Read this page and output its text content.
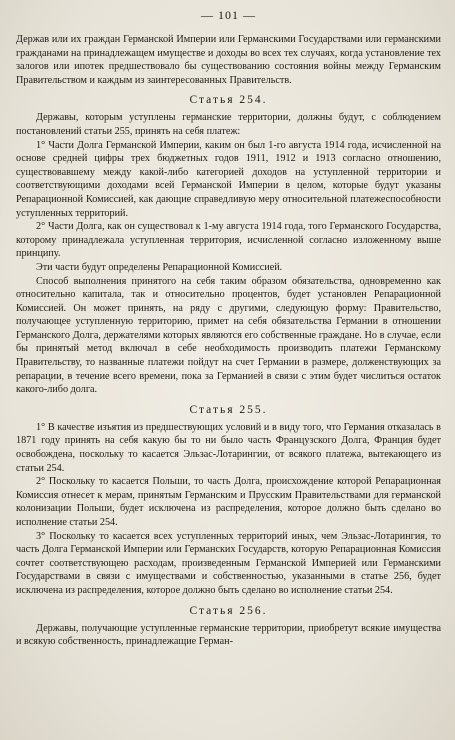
— 101 —

Держав или их граждан Германской Империи или Германскими Государствами или германскими гражданами на принадлежащем имуществе и доходы во всех тех случаях, когда установление тех залогов или ипотек предшествовало бы существованию состояния войны между Германским Правительством и каждым из заинтересованных Правительств.

Статья 254.

Державы, которым уступлены германские территории, должны будут, с соблюдением постановлений статьи 255, принять на себя платеж:

1° Части Долга Германской Империи, каким он был 1-го августа 1914 года, исчисленной на основе средней цифры трех бюджетных годов 1911, 1912 и 1913 согласно отношению, существовавшему между какой-либо категорией доходов на уступленной территории и соответствующими доходами всей Германской Империи в целом, которые будут указаны Репарационной Комиссией, как дающие справедливую меру относительной платежеспособности уступленных территорий.

2° Части Долга, как он существовал к 1-му августа 1914 года, того Германского Государства, которому принадлежала уступленная территория, исчисленной согласно изложенному выше принципу.

Эти части будут определены Репарационной Комиссией.

Способ выполнения принятого на себя таким образом обязательства, одновременно как относительно капитала, так и относительно процентов, будет установлен Репарационной Комиссией. Он может принять, на ряду с другими, следующую форму: Правительство, получающее уступленную территорию, примет на себя обязательства Германии в отношении Германского Долга, держателями которых являются его собственные граждане. Но в случае, если бы принятый метод включал в себе необходимость производить платежи Германскому Правительству, то названные платежи пойдут на счет Германии в размере, долженствующих за репарации, в течение всего времени, пока за Германией в связи с этим будет числиться остаток какого-либо долга.

Статья 255.

1° В качестве изъятия из предшествующих условий и в виду того, что Германия отказалась в 1871 году принять на себя какую бы то ни было часть Французского Долга, Франция будет освобождена, поскольку то касается Эльзас-Лотарингии, от всякого платежа, вытекающего из статьи 254.

2° Поскольку то касается Польши, то часть Долга, происхождение которой Репарационная Комиссия отнесет к мерам, принятым Германским и Прусским Правительствами для германской колонизации Польши, будет исключена из распределения, которое должно быть сделано во исполнение статьи 254.

3° Поскольку то касается всех уступленных территорий иных, чем Эльзас-Лотарингия, то часть Долга Германской Империи или Германских Государств, которую Репарационная Комиссия сочтет соответствующею расходам, произведенным Германской Империей или Германскими Государствами в связи с имуществами и собственностью, указанными в статье 256, будет исключена из распределения, которое должно быть сделано во исполнение статьи 254.

Статья 256.

Державы, получающие уступленные германские территории, приобретут всякие имущества и всякую собственность, принадлежащие Герман-
